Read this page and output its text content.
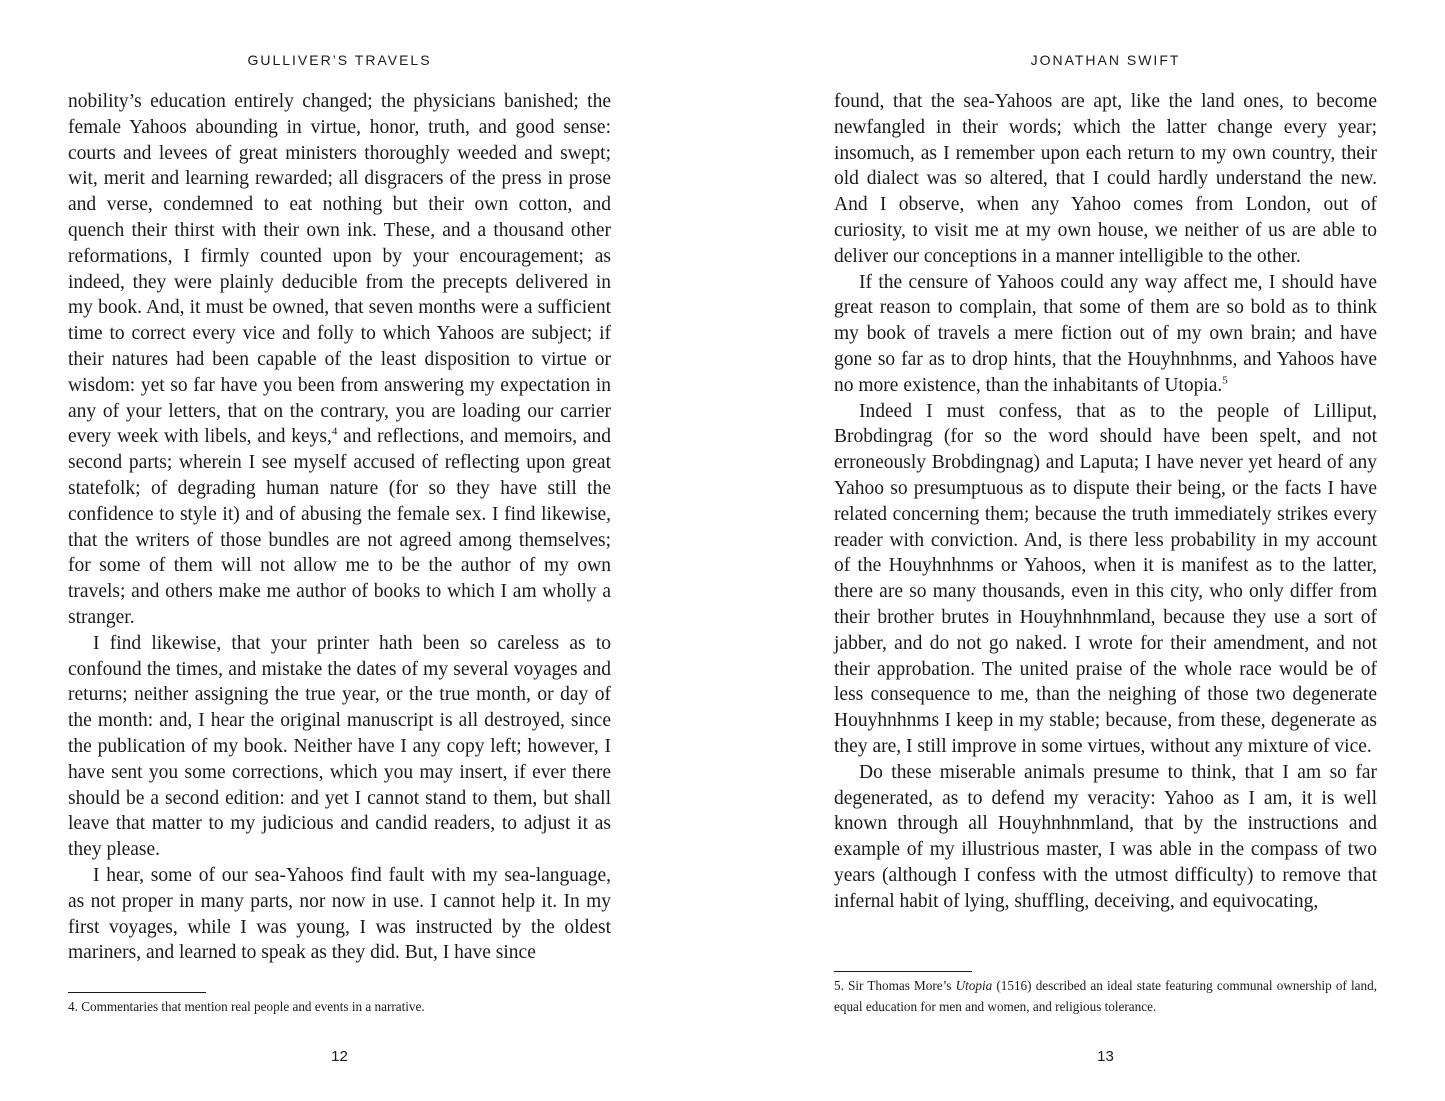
GULLIVER’S TRAVELS

nobility’s education entirely changed; the physicians banished; the female Yahoos abounding in virtue, honor, truth, and good sense: courts and levees of great ministers thoroughly weeded and swept; wit, merit and learning rewarded; all disgracers of the press in prose and verse, condemned to eat nothing but their own cotton, and quench their thirst with their own ink. These, and a thousand other reformations, I firmly counted upon by your encouragement; as indeed, they were plainly deducible from the precepts delivered in my book. And, it must be owned, that seven months were a sufficient time to correct every vice and folly to which Yahoos are subject; if their natures had been capable of the least disposition to virtue or wisdom: yet so far have you been from answering my expectation in any of your letters, that on the contrary, you are loading our carrier every week with libels, and keys,$^4$ and reflections, and memoirs, and second parts; wherein I see myself accused of reflecting upon great statefolk; of degrading human nature (for so they have still the confidence to style it) and of abusing the female sex. I find likewise, that the writers of those bundles are not agreed among themselves; for some of them will not allow me to be the author of my own travels; and others make me author of books to which I am wholly a stranger.

I find likewise, that your printer hath been so careless as to confound the times, and mistake the dates of my several voyages and returns; neither assigning the true year, or the true month, or day of the month: and, I hear the original manuscript is all destroyed, since the publication of my book. Neither have I any copy left; however, I have sent you some corrections, which you may insert, if ever there should be a second edition: and yet I cannot stand to them, but shall leave that matter to my judicious and candid readers, to adjust it as they please.

I hear, some of our sea-Yahoos find fault with my sea-language, as not proper in many parts, nor now in use. I cannot help it. In my first voyages, while I was young, I was instructed by the oldest mariners, and learned to speak as they did. But, I have since

4. Commentaries that mention real people and events in a narrative.
12
JONATHAN SWIFT

found, that the sea-Yahoos are apt, like the land ones, to become newfangled in their words; which the latter change every year; insomuch, as I remember upon each return to my own country, their old dialect was so altered, that I could hardly understand the new. And I observe, when any Yahoo comes from London, out of curiosity, to visit me at my own house, we neither of us are able to deliver our conceptions in a manner intelligible to the other.

If the censure of Yahoos could any way affect me, I should have great reason to complain, that some of them are so bold as to think my book of travels a mere fiction out of my own brain; and have gone so far as to drop hints, that the Houyhnhnms, and Yahoos have no more existence, than the inhabitants of Utopia.$^5$

Indeed I must confess, that as to the people of Lilliput, Brobdingrag (for so the word should have been spelt, and not erroneously Brobdingnag) and Laputa; I have never yet heard of any Yahoo so presumptuous as to dispute their being, or the facts I have related concerning them; because the truth immediately strikes every reader with conviction. And, is there less probability in my account of the Houyhnhnms or Yahoos, when it is manifest as to the latter, there are so many thousands, even in this city, who only differ from their brother brutes in Houyhnhnmland, because they use a sort of jabber, and do not go naked. I wrote for their amendment, and not their approbation. The united praise of the whole race would be of less consequence to me, than the neighing of those two degenerate Houyhnhnms I keep in my stable; because, from these, degenerate as they are, I still improve in some virtues, without any mixture of vice.

Do these miserable animals presume to think, that I am so far degenerated, as to defend my veracity: Yahoo as I am, it is well known through all Houyhnhnmland, that by the instructions and example of my illustrious master, I was able in the compass of two years (although I confess with the utmost difficulty) to remove that infernal habit of lying, shuffling, deceiving, and equivocating,

5. Sir Thomas More’s Utopia (1516) described an ideal state featuring communal ownership of land, equal education for men and women, and religious tolerance.
13
